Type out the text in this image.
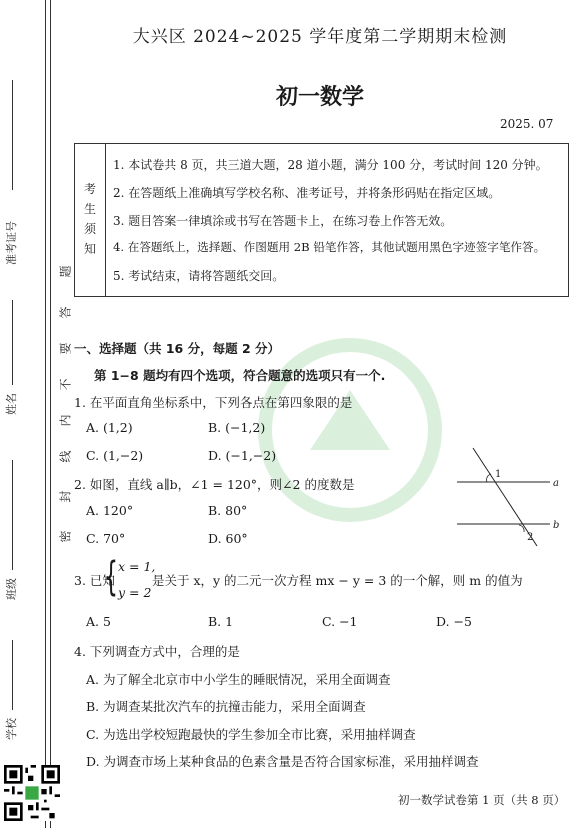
准考证号
姓名
班级
学校
密
封
线
内
不
要
答
题
大兴区 2024~2025 学年度第二学期期末检测
初一数学
2025. 07
考
生
须
知
1. 本试卷共 8 页，共三道大题，28 道小题，满分 100 分，考试时间 120 分钟。
2. 在答题纸上准确填写学校名称、准考证号，并将条形码贴在指定区域。
3. 题目答案一律填涂或书写在答题卡上，在练习卷上作答无效。
4. 在答题纸上，选择题、作图题用 2B 铅笔作答，其他试题用黑色字迹签字笔作答。
5. 考试结束，请将答题纸交回。
一、选择题（共 16 分，每题 2 分）
第 1−8 题均有四个选项，符合题意的选项只有一个.
1. 在平面直角坐标系中，下列各点在第四象限的是
A. (1,2)	B. (−1,2)
C. (1,−2)	D. (−1,−2)
2. 如图，直线 a∥b，∠1 = 120°，则∠2 的度数是
A. 120°	B. 80°
C. 70°	D. 60°
1
2
a
b
3. 已知
{ x = 1,
y = 2
是关于 x，y 的二元一次方程 mx − y = 3 的一个解，则 m 的值为
A. 5	B. 1	C. −1	D. −5
4. 下列调查方式中，合理的是
A. 为了解全北京市中小学生的睡眠情况，采用全面调查
B. 为调查某批次汽车的抗撞击能力，采用全面调查
C. 为选出学校短跑最快的学生参加全市比赛，采用抽样调查
D. 为调查市场上某种食品的色素含量是否符合国家标准，采用抽样调查
初一数学试卷第 1 页（共 8 页）
